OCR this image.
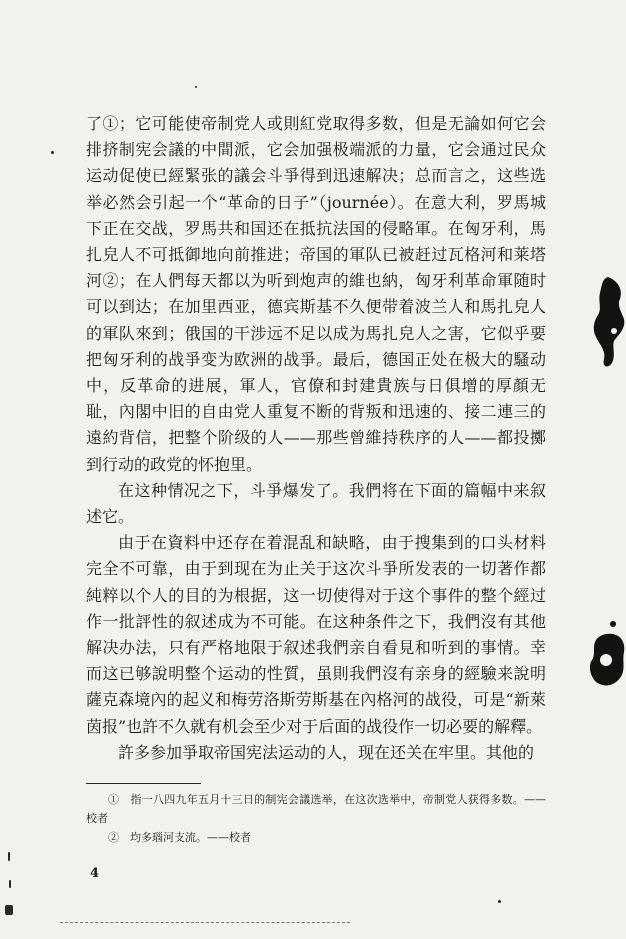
了①；它可能使帝制党人或則紅党取得多数，但是无論如何它会排挤制宪会議的中間派，它会加强极端派的力量，它会通过民众运动促使已經緊张的議会斗爭得到迅速解决；总而言之，这些选举必然会引起一个“革命的日子”（journée）。在意大利，罗馬城下正在交战，罗馬共和国还在抵抗法国的侵略軍。在匈牙利，馬扎皃人不可抵御地向前推进；帝国的軍队已被赶过瓦格河和莱塔河②；在人們每天都以为听到炮声的維也納，匈牙利革命軍随时可以到达；在加里西亚，德宾斯基不久便带着波兰人和馬扎皃人的軍队來到；俄国的干涉远不足以成为馬扎皃人之害，它似乎要把匈牙利的战爭变为欧洲的战爭。最后，德国正处在极大的騷动中，反革命的进展，軍人，官僚和封建貴族与日俱增的厚顏无耻，內閣中旧的自由党人重复不断的背叛和迅速的、接二連三的遠約背信，把整个阶级的人——那些曾維持秩序的人——都投擲到行动的政党的怀抱里。

在这种情况之下，斗爭爆发了。我們将在下面的篇幅中来叙述它。

由于在資料中还存在着混乱和缺略，由于搜集到的口头材料完全不可靠，由于到现在为止关于这次斗爭所发表的一切著作都純粹以个人的目的为根据，这一切使得对于这个事件的整个經过作一批評性的叙述成为不可能。在这种条件之下，我們沒有其他解决办法，只有严格地限于叙述我們亲自看見和听到的事情。幸而这已够說明整个运动的性質，虽則我們沒有亲身的經驗来說明薩克森境內的起义和梅劳洛斯劳斯基在內格河的战役，可是“新萊茵报”也許不久就有机会至少对于后面的战役作一切必要的解釋。

許多参加爭取帝国宪法运动的人，现在还关在牢里。其他的

①　指一八四九年五月十三日的制宪会議选举，在这次选举中，帝制党人获得多数。——校者

②　均多瑙河支流。——校者

4
